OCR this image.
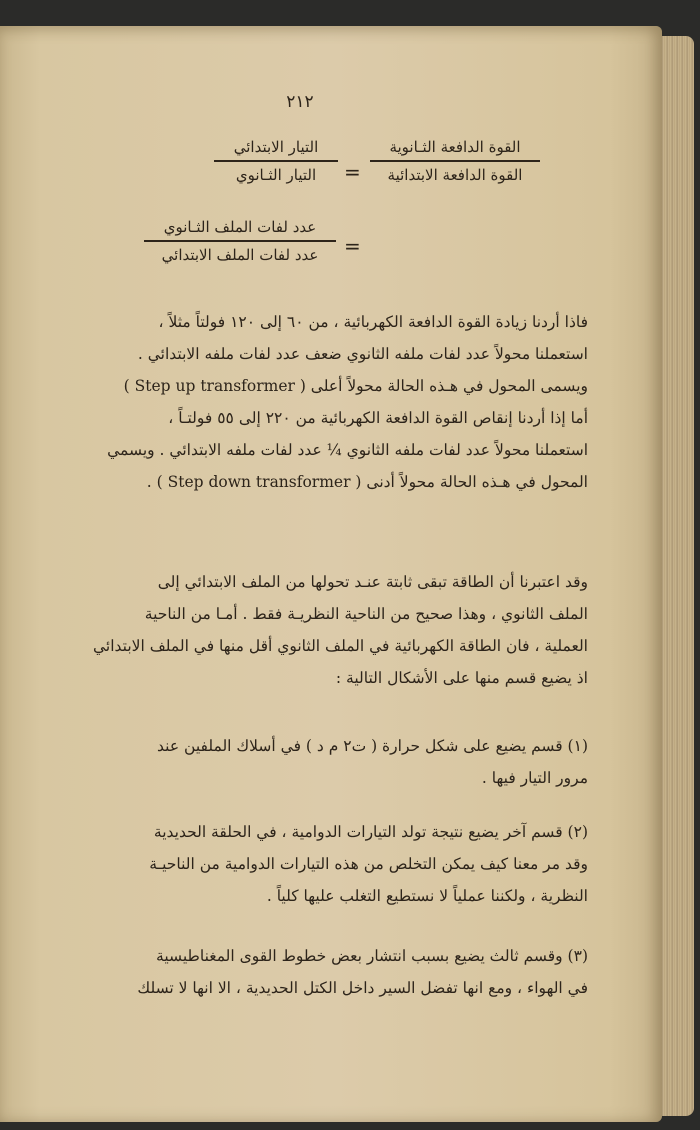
٢١٢
القوة الدافعة الثـانوية
القوة الدافعة الابتدائية
=
التيار الابتدائي
التيار الثـانوي
=
عدد لفات الملف الثـانوي
عدد لفات الملف الابتدائي
فاذا أردنا زيادة القوة الدافعة الكهربائية ، من ٦٠ إلى ١٢٠ فولتاً مثلاً ،
استعملنا محولاً عدد لفات ملفه الثانوي ضعف عدد لفات ملفه الابتدائي .
ويسمى المحول في هـذه الحالة محولاً أعلى ( Step up transformer )
أما إذا أردنا إنقاص القوة الدافعة الكهربائية من ٢٢٠ إلى ٥٥ فولتـاً ،
استعملنا محولاً عدد لفات ملفه الثانوي ¼ عدد لفات ملفه الابتدائي . ويسمي
المحول في هـذه الحالة محولاً أدنى ( Step down transformer ) .
وقد اعتبرنا أن الطاقة تبقى ثابتة عنـد تحولها من الملف الابتدائي إلى
الملف الثانوي ، وهذا صحيح من الناحية النظريـة فقط . أمـا من الناحية
العملية ، فان الطاقة الكهربائية في الملف الثانوي أقل منها في الملف الابتدائي
اذ يضيع قسم منها على الأشكال التالية :
(١) قسم يضيع على شكل حرارة ( ت٢ م د ) في أسلاك الملفين عند
مرور التيار فيها .
(٢) قسم آخر يضيع نتيجة تولد التيارات الدوامية ، في الحلقة الحديدية
وقد مر معنا كيف يمكن التخلص من هذه التيارات الدوامية من الناحيـة
النظرية ، ولكننا عملياً لا نستطيع التغلب عليها كلياً .
(٣) وقسم ثالث يضيع بسبب انتشار بعض خطوط القوى المغناطيسية
في الهواء ، ومع انها تفضل السير داخل الكتل الحديدية ، الا انها لا تسلك
